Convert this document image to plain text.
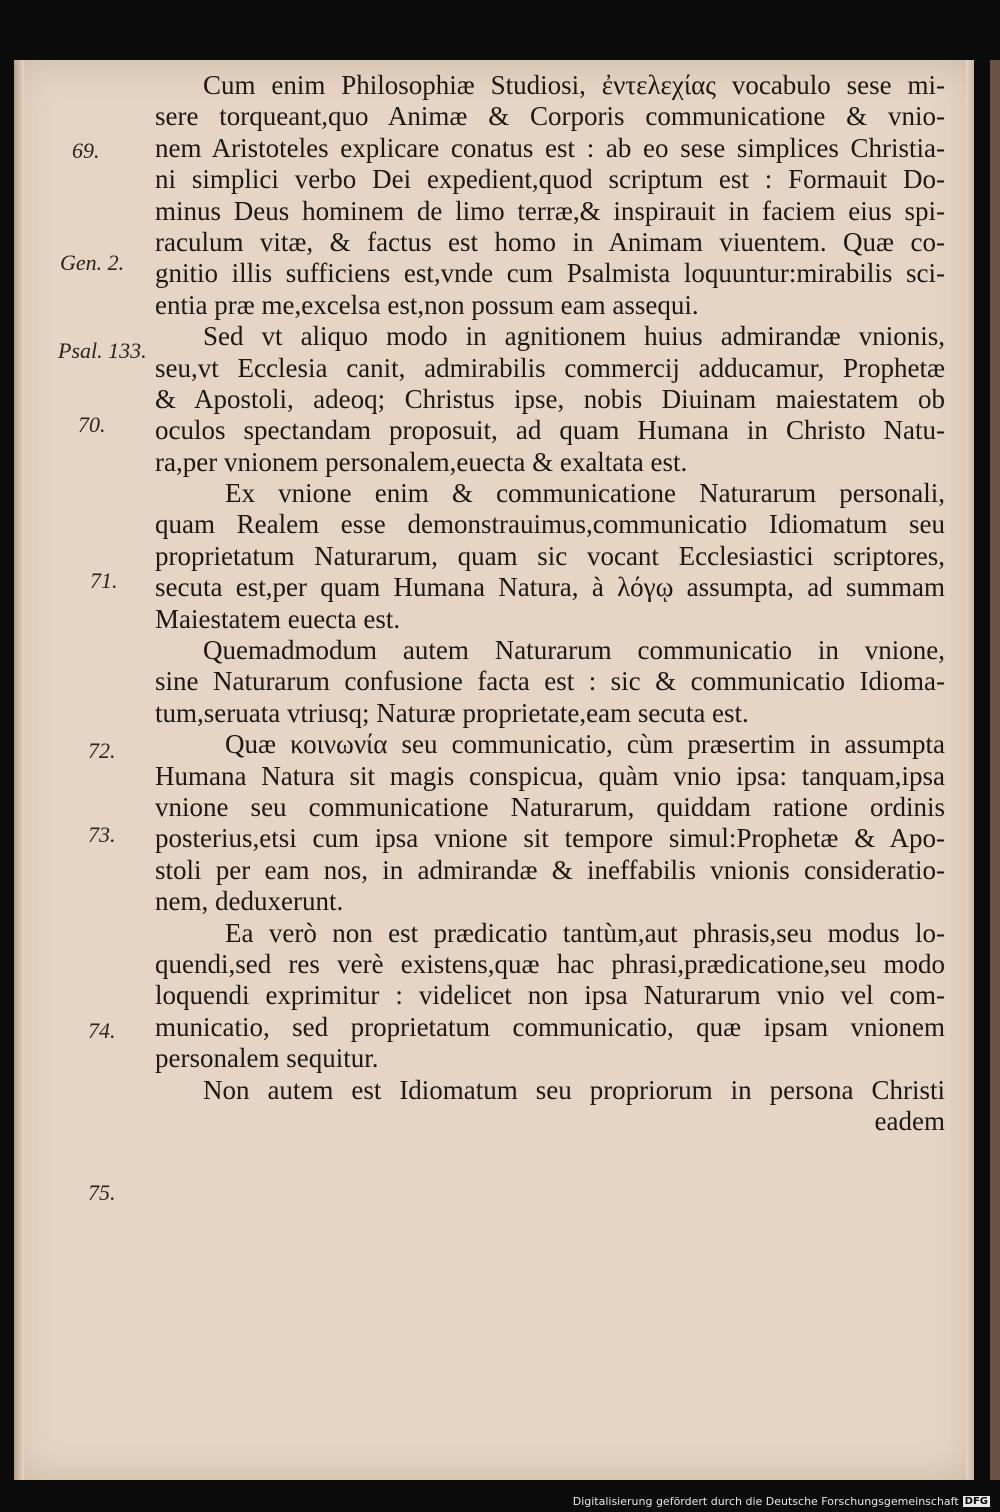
69.
Gen. 2.
Psal. 133.
70.
71.
72.
73.
74.
75.
Cum enim Philosophiæ Studiosi, ἐντελεχίας vocabulo sese mi-
sere torqueant,quo Animæ & Corporis communicatione & vnio-
nem Aristoteles explicare conatus est : ab eo sese simplices Christia-
ni simplici verbo Dei expedient,quod scriptum est : Formauit Do-
minus Deus hominem de limo terræ,& inspirauit in faciem eius spi-
raculum vitæ, & factus est homo in Animam viuentem. Quæ co-
gnitio illis sufficiens est,vnde cum Psalmista loquuntur:mirabilis sci-
entia præ me,excelsa est,non possum eam assequi.
Sed vt aliquo modo in agnitionem huius admirandæ vnionis,
seu,vt Ecclesia canit, admirabilis commercij adducamur, Prophetæ
& Apostoli, adeoq; Christus ipse, nobis Diuinam maiestatem ob
oculos spectandam proposuit, ad quam Humana in Christo Natu-
ra,per vnionem personalem,euecta & exaltata est.
Ex vnione enim & communicatione Naturarum personali,
quam Realem esse demonstrauimus,communicatio Idiomatum seu
proprietatum Naturarum, quam sic vocant Ecclesiastici scriptores,
secuta est,per quam Humana Natura, à λόγῳ assumpta, ad summam
Maiestatem euecta est.
Quemadmodum autem Naturarum communicatio in vnione,
sine Naturarum confusione facta est : sic & communicatio Idioma-
tum,seruata vtriusq; Naturæ proprietate,eam secuta est.
Quæ κοινωνία seu communicatio, cùm præsertim in assumpta
Humana Natura sit magis conspicua, quàm vnio ipsa: tanquam,ipsa
vnione seu communicatione Naturarum, quiddam ratione ordinis
posterius,etsi cum ipsa vnione sit tempore simul:Prophetæ & Apo-
stoli per eam nos, in admirandæ & ineffabilis vnionis consideratio-
nem, deduxerunt.
Ea verò non est prædicatio tantùm,aut phrasis,seu modus lo-
quendi,sed res verè existens,quæ hac phrasi,prædicatione,seu modo
loquendi exprimitur : videlicet non ipsa Naturarum vnio vel com-
municatio, sed proprietatum communicatio, quæ ipsam vnionem
personalem sequitur.
Non autem est Idiomatum seu propriorum in persona Christi
eadem
Digitalisierung gefördert durch die Deutsche Forschungsgemeinschaft DFG
